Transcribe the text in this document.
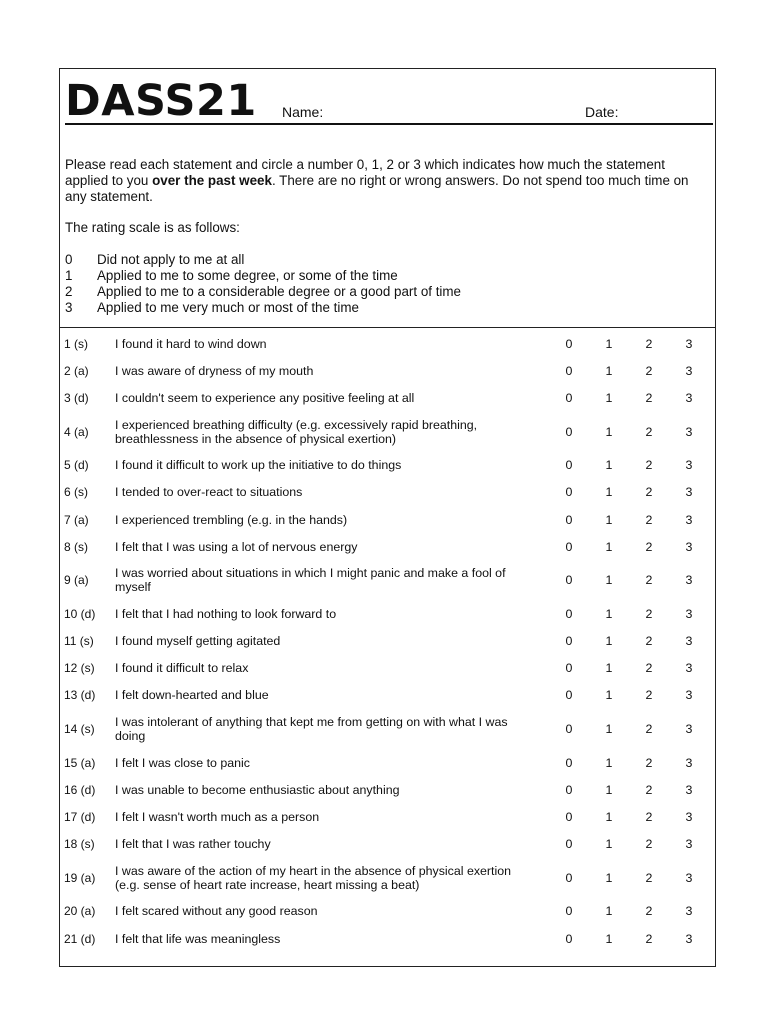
DASS21 Name:	Date:

Please read each statement and circle a number 0, 1, 2 or 3 which indicates how much the statement applied to you over the past week. There are no right or wrong answers. Do not spend too much time on any statement.

The rating scale is as follows:
0	Did not apply to me at all
1	Applied to me to some degree, or some of the time
2	Applied to me to a considerable degree or a good part of time
3	Applied to me very much or most of the time
1 (s) I found it hard to wind down	0	1	2	3
2 (a) I was aware of dryness of my mouth	0	1	2	3
3 (d) I couldn't seem to experience any positive feeling at all	0	1	2	3
4 (a) I experienced breathing difficulty (e.g. excessively rapid breathing, breathlessness in the absence of physical exertion)	0	1	2	3
5 (d) I found it difficult to work up the initiative to do things	0	1	2	3
6 (s) I tended to over-react to situations	0	1	2	3
7 (a) I experienced trembling (e.g. in the hands)	0	1	2	3
8 (s) I felt that I was using a lot of nervous energy	0	1	2	3
9 (a) I was worried about situations in which I might panic and make a fool of myself	0	1	2	3
10 (d) I felt that I had nothing to look forward to	0	1	2	3
11 (s) I found myself getting agitated	0	1	2	3
12 (s) I found it difficult to relax	0	1	2	3
13 (d) I felt down-hearted and blue	0	1	2	3
14 (s) I was intolerant of anything that kept me from getting on with what I was doing	0	1	2	3
15 (a) I felt I was close to panic	0	1	2	3
16 (d) I was unable to become enthusiastic about anything	0	1	2	3
17 (d) I felt I wasn't worth much as a person	0	1	2	3
18 (s) I felt that I was rather touchy	0	1	2	3
19 (a) I was aware of the action of my heart in the absence of physical exertion (e.g. sense of heart rate increase, heart missing a beat)	0	1	2	3
20 (a) I felt scared without any good reason	0	1	2	3
21 (d) I felt that life was meaningless	0	1	2	3
